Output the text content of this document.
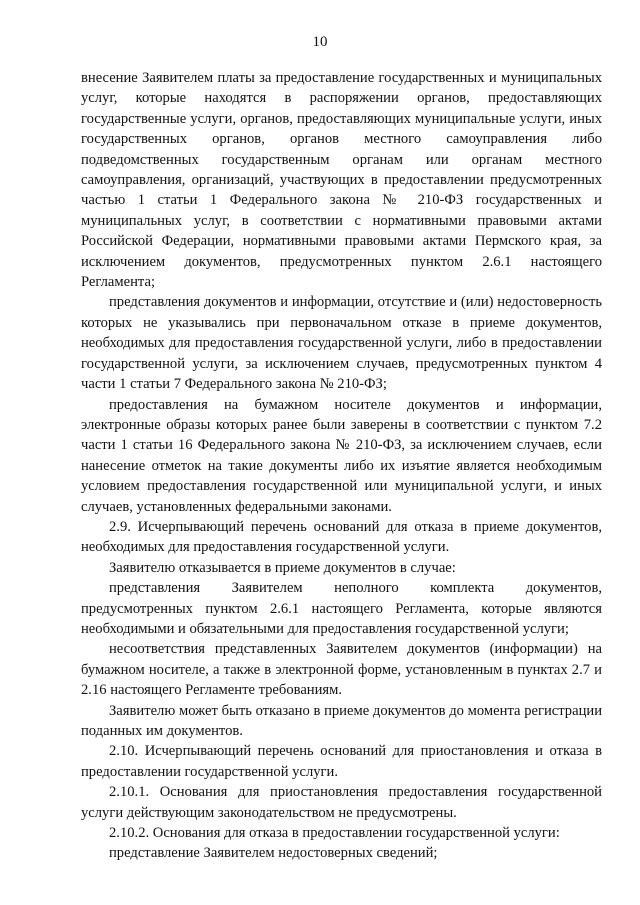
10

внесение Заявителем платы за предоставление государственных и муниципальных услуг, которые находятся в распоряжении органов, предоставляющих государственные услуги, органов, предоставляющих муниципальные услуги, иных государственных органов, органов местного самоуправления либо подведомственных государственным органам или органам местного самоуправления, организаций, участвующих в предоставлении предусмотренных частью 1 статьи 1 Федерального закона № 210-ФЗ государственных и муниципальных услуг, в соответствии с нормативными правовыми актами Российской Федерации, нормативными правовыми актами Пермского края, за исключением документов, предусмотренных пунктом 2.6.1 настоящего Регламента;

представления документов и информации, отсутствие и (или) недостоверность которых не указывались при первоначальном отказе в приеме документов, необходимых для предоставления государственной услуги, либо в предоставлении государственной услуги, за исключением случаев, предусмотренных пунктом 4 части 1 статьи 7 Федерального закона № 210-ФЗ;

предоставления на бумажном носителе документов и информации, электронные образы которых ранее были заверены в соответствии с пунктом 7.2 части 1 статьи 16 Федерального закона № 210-ФЗ, за исключением случаев, если нанесение отметок на такие документы либо их изъятие является необходимым условием предоставления государственной или муниципальной услуги, и иных случаев, установленных федеральными законами.

2.9. Исчерпывающий перечень оснований для отказа в приеме документов, необходимых для предоставления государственной услуги.

Заявителю отказывается в приеме документов в случае:

представления Заявителем неполного комплекта документов, предусмотренных пунктом 2.6.1 настоящего Регламента, которые являются необходимыми и обязательными для предоставления государственной услуги;

несоответствия представленных Заявителем документов (информации) на бумажном носителе, а также в электронной форме, установленным в пунктах 2.7 и 2.16 настоящего Регламенте требованиям.

Заявителю может быть отказано в приеме документов до момента регистрации поданных им документов.

2.10. Исчерпывающий перечень оснований для приостановления и отказа в предоставлении государственной услуги.

2.10.1. Основания для приостановления предоставления государственной услуги действующим законодательством не предусмотрены.

2.10.2. Основания для отказа в предоставлении государственной услуги:

представление Заявителем недостоверных сведений;
